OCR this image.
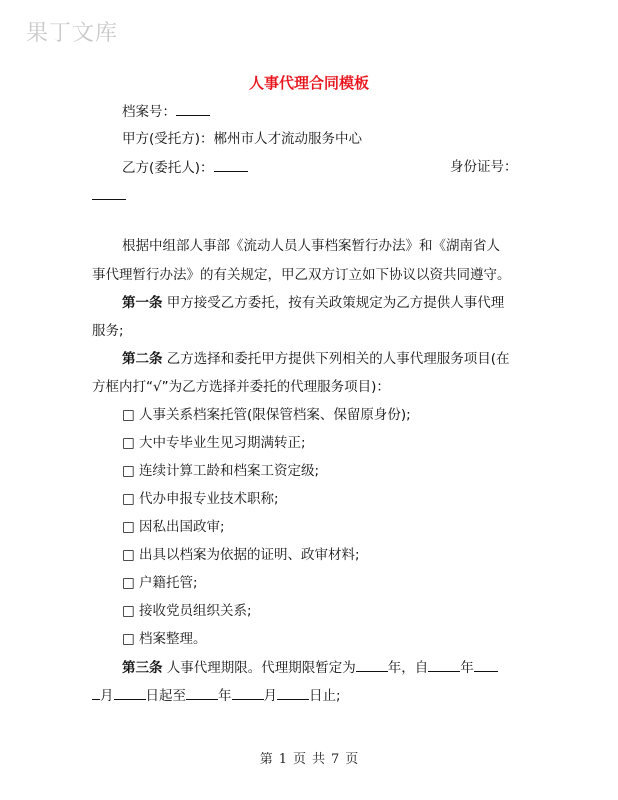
果丁文库
人事代理合同模板
档案号：
甲方(受托方)：郴州市人才流动服务中心
乙方(委托人)：	身份证号：
根据中组部人事部《流动人员人事档案暂行办法》和《湖南省人
事代理暂行办法》的有关规定，甲乙双方订立如下协议以资共同遵守。
第一条 甲方接受乙方委托，按有关政策规定为乙方提供人事代理
服务;
第二条 乙方选择和委托甲方提供下列相关的人事代理服务项目(在
方框内打“√”为乙方选择并委托的代理服务项目)：
□ 人事关系档案托管(限保管档案、保留原身份);
□ 大中专毕业生见习期满转正;
□ 连续计算工龄和档案工资定级;
□ 代办申报专业技术职称;
□ 因私出国政审;
□ 出具以档案为依据的证明、政审材料;
□ 户籍托管;
□ 接收党员组织关系;
□ 档案整理。
第三条 人事代理期限。代理期限暂定为 年，自 年
月 日起至 年 月 日止;
第 1 页 共 7 页
